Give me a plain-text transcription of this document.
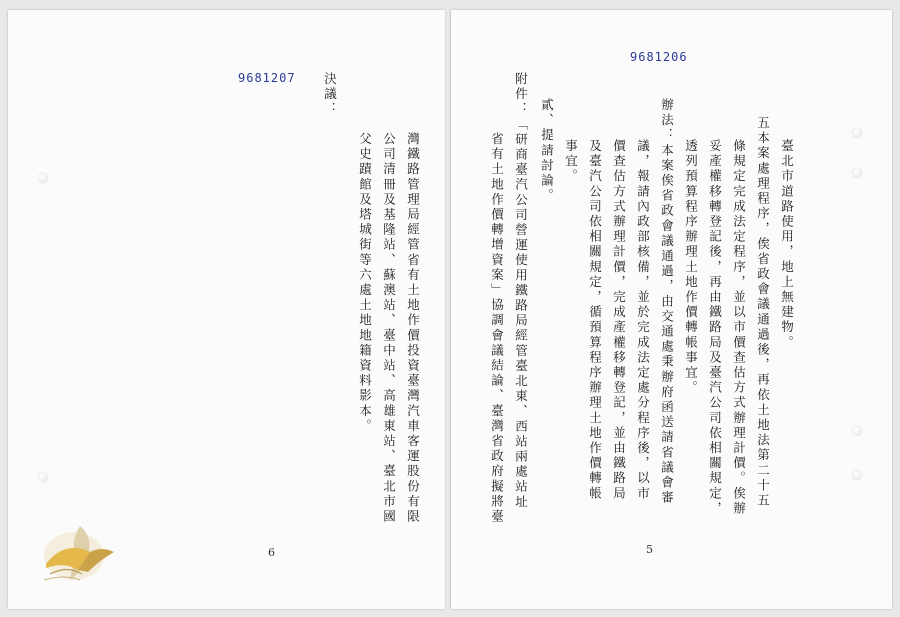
9681207 決議：
灣鐵路管理局經管省有土地作價投資臺灣汽車客運股份有限
公司清冊及基隆站、蘇澳站、臺中站、高雄東站、臺北市國
父史蹟館及塔城街等六處土地地籍資料影本。
6
9681206
臺北市道路使用，地上無建物。
五本案處理程序，俟省政會議通過後，再依土地法第二十五
條規定完成法定程序，並以市價查估方式辦理計價。俟辦
妥產權移轉登記後，再由鐵路局及臺汽公司依相關規定，
透列預算程序辦理土地作價轉帳事宜。
辦法：本案俟省政會議通過，由交通處秉辦府函送請省議會審
議，報請內政部核備，並於完成法定處分程序後，以市
價查估方式辦理計價，完成產權移轉登記，並由鐵路局
及臺汽公司依相關規定，循預算程序辦理土地作價轉帳
事宜。
貳、提請討論。
附件：「研商臺汽公司營運使用鐵路局經管臺北東、西站兩處站址
省有土地作價轉增資案」協調會議結論、臺灣省政府擬將臺
5
